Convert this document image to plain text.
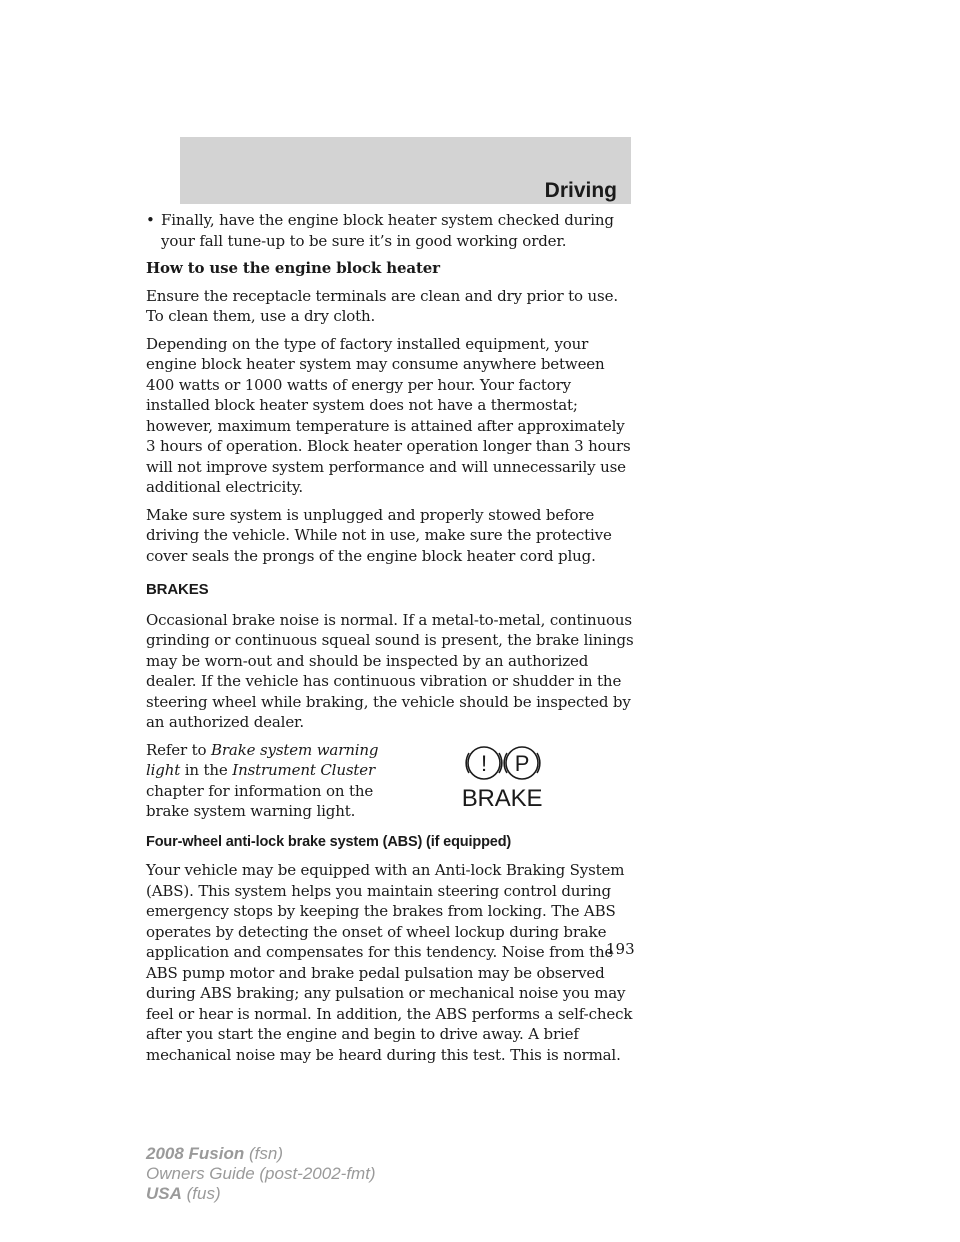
Driving
• Finally, have the engine block heater system checked during your fall tune-up to be sure it’s in good working order.
How to use the engine block heater

Ensure the receptacle terminals are clean and dry prior to use. To clean them, use a dry cloth.

Depending on the type of factory installed equipment, your engine block heater system may consume anywhere between 400 watts or 1000 watts of energy per hour. Your factory installed block heater system does not have a thermostat; however, maximum temperature is attained after approximately 3 hours of operation. Block heater operation longer than 3 hours will not improve system performance and will unnecessarily use additional electricity.

Make sure system is unplugged and properly stowed before driving the vehicle. While not in use, make sure the protective cover seals the prongs of the engine block heater cord plug.

BRAKES

Occasional brake noise is normal. If a metal-to-metal, continuous grinding or continuous squeal sound is present, the brake linings may be worn-out and should be inspected by an authorized dealer. If the vehicle has continuous vibration or shudder in the steering wheel while braking, the vehicle should be inspected by an authorized dealer.

Refer to Brake system warning light in the Instrument Cluster chapter for information on the brake system warning light.
! P
BRAKE
Four-wheel anti-lock brake system (ABS) (if equipped)

Your vehicle may be equipped with an Anti-lock Braking System (ABS). This system helps you maintain steering control during emergency stops by keeping the brakes from locking. The ABS operates by detecting the onset of wheel lockup during brake application and compensates for this tendency. Noise from the ABS pump motor and brake pedal pulsation may be observed during ABS braking; any pulsation or mechanical noise you may feel or hear is normal. In addition, the ABS performs a self-check after you start the engine and begin to drive away. A brief mechanical noise may be heard during this test. This is normal.

193
2008 Fusion (fsn)
Owners Guide (post-2002-fmt)
USA (fus)
